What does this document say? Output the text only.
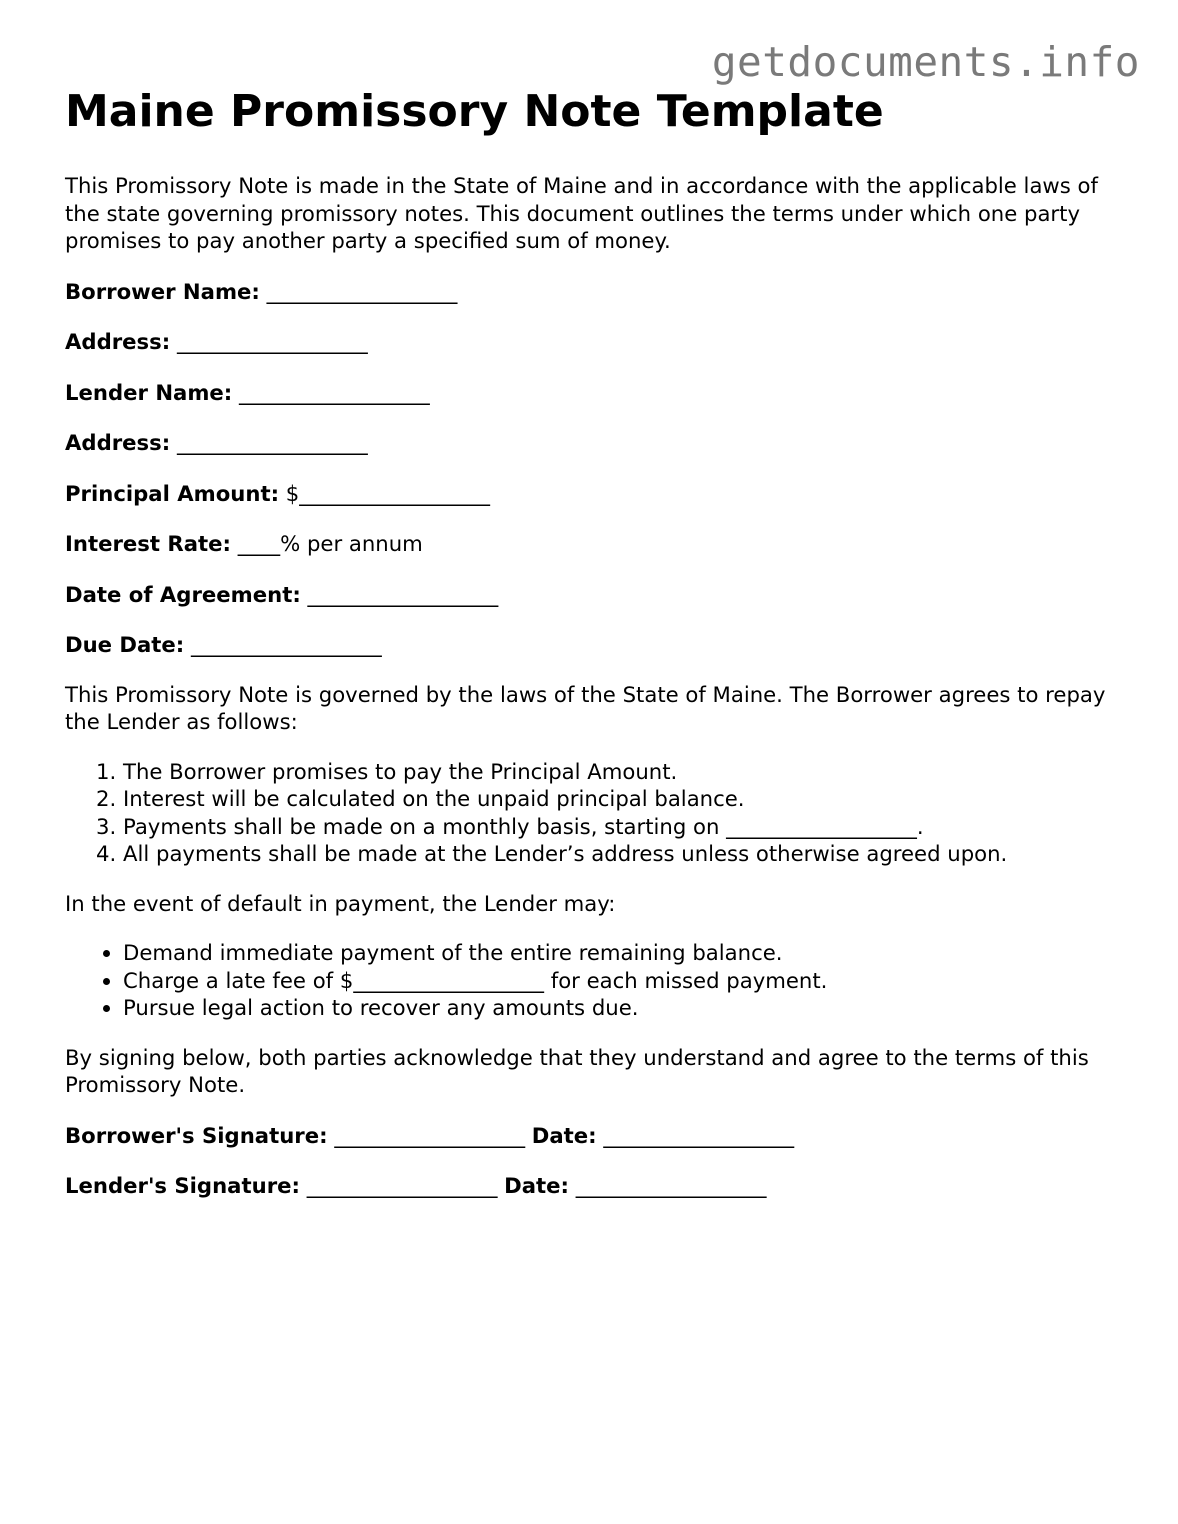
getdocuments.info
Maine Promissory Note Template

This Promissory Note is made in the State of Maine and in accordance with the applicable laws of the state governing promissory notes. This document outlines the terms under which one party promises to pay another party a specified sum of money.

Borrower Name: __________________

Address: __________________

Lender Name: __________________

Address: __________________

Principal Amount: $__________________

Interest Rate: ____% per annum

Date of Agreement: __________________

Due Date: __________________

This Promissory Note is governed by the laws of the State of Maine. The Borrower agrees to repay the Lender as follows:

1. The Borrower promises to pay the Principal Amount.
2. Interest will be calculated on the unpaid principal balance.
3. Payments shall be made on a monthly basis, starting on __________________.
4. All payments shall be made at the Lender’s address unless otherwise agreed upon.

In the event of default in payment, the Lender may:

• Demand immediate payment of the entire remaining balance.
• Charge a late fee of $__________________ for each missed payment.
• Pursue legal action to recover any amounts due.

By signing below, both parties acknowledge that they understand and agree to the terms of this Promissory Note.

Borrower's Signature: __________________ Date: __________________

Lender's Signature: __________________ Date: __________________
